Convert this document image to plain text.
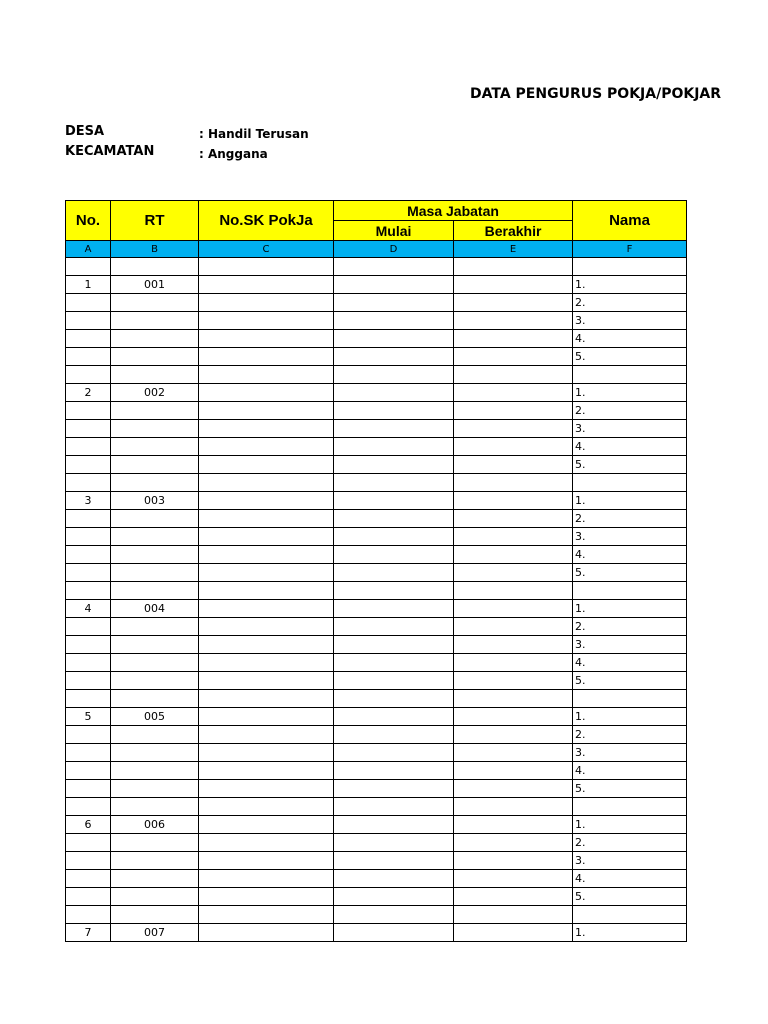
DATA PENGURUS POKJA/POKJAR
DESA	: Handil Terusan
KECAMATAN	: Anggana
No.	RT	No.SK PokJa	Masa Jabatan		Nama
			Mulai	Berakhir	
A	B	C	D	E	F

1	001				1.
					2.
					3.
					4.
					5.

2	002				1.
					2.
					3.
					4.
					5.

3	003				1.
					2.
					3.
					4.
					5.

4	004				1.
					2.
					3.
					4.
					5.

5	005				1.
					2.
					3.
					4.
					5.

6	006				1.
					2.
					3.
					4.
					5.

7	007				1.
